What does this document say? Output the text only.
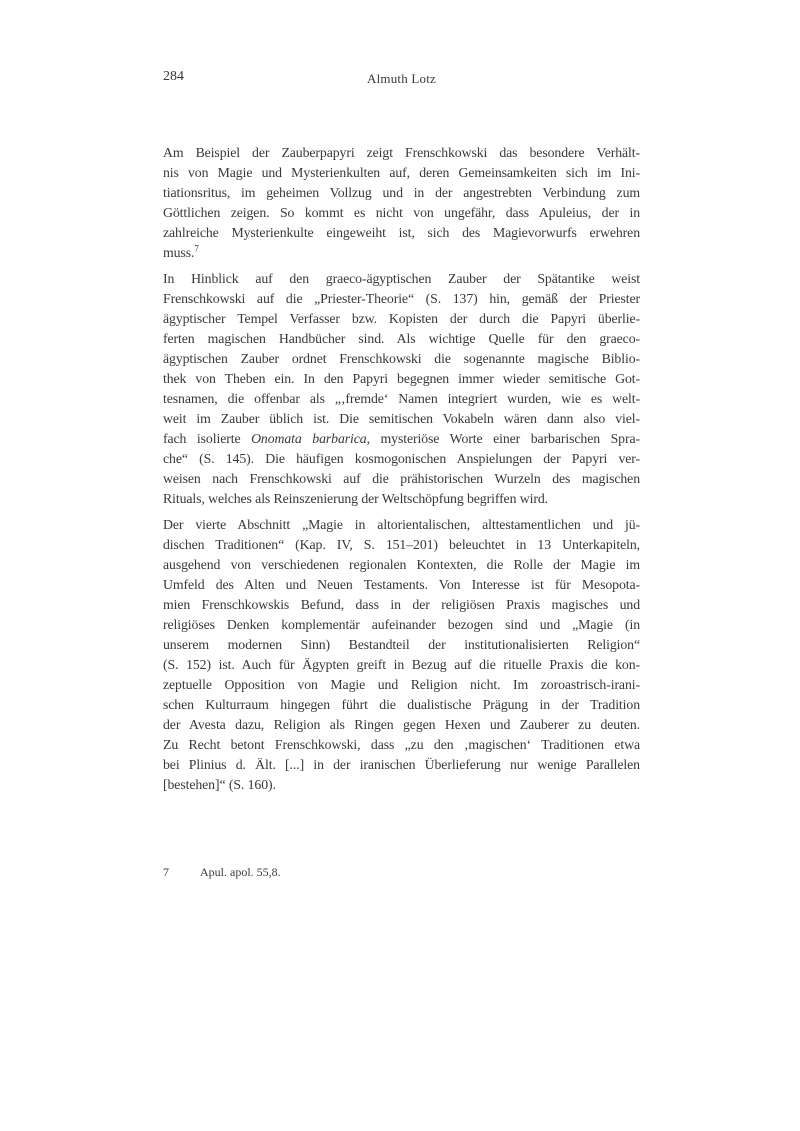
284	Almuth Lotz
Am Beispiel der Zauberpapyri zeigt Frenschkowski das besondere Verhält-
nis von Magie und Mysterienkulten auf, deren Gemeinsamkeiten sich im Ini-
tiationsritus, im geheimen Vollzug und in der angestrebten Verbindung zum
Göttlichen zeigen. So kommt es nicht von ungefähr, dass Apuleius, der in
zahlreiche Mysterienkulte eingeweiht ist, sich des Magievorwurfs erwehren
muss.$^7$
In Hinblick auf den graeco-ägyptischen Zauber der Spätantike weist
Frenschkowski auf die „Priester-Theorie“ (S. 137) hin, gemäß der Priester
ägyptischer Tempel Verfasser bzw. Kopisten der durch die Papyri überlie-
ferten magischen Handbücher sind. Als wichtige Quelle für den graeco-
ägyptischen Zauber ordnet Frenschkowski die sogenannte magische Biblio-
thek von Theben ein. In den Papyri begegnen immer wieder semitische Got-
tesnamen, die offenbar als „‚fremde‘ Namen integriert wurden, wie es welt-
weit im Zauber üblich ist. Die semitischen Vokabeln wären dann also viel-
fach isolierte Onomata barbarica, mysteriöse Worte einer barbarischen Spra-
che“ (S. 145). Die häufigen kosmogonischen Anspielungen der Papyri ver-
weisen nach Frenschkowski auf die prähistorischen Wurzeln des magischen
Rituals, welches als Reinszenierung der Weltschöpfung begriffen wird.
Der vierte Abschnitt „Magie in altorientalischen, alttestamentlichen und jü-
dischen Traditionen“ (Kap. IV, S. 151–201) beleuchtet in 13 Unterkapiteln,
ausgehend von verschiedenen regionalen Kontexten, die Rolle der Magie im
Umfeld des Alten und Neuen Testaments. Von Interesse ist für Mesopota-
mien Frenschkowskis Befund, dass in der religiösen Praxis magisches und
religiöses Denken komplementär aufeinander bezogen sind und „Magie (in
unserem modernen Sinn) Bestandteil der institutionalisierten Religion“
(S. 152) ist. Auch für Ägypten greift in Bezug auf die rituelle Praxis die kon-
zeptuelle Opposition von Magie und Religion nicht. Im zoroastrisch-irani-
schen Kulturraum hingegen führt die dualistische Prägung in der Tradition
der Avesta dazu, Religion als Ringen gegen Hexen und Zauberer zu deuten.
Zu Recht betont Frenschkowski, dass „zu den ‚magischen‘ Traditionen etwa
bei Plinius d. Ält. [...] in der iranischen Überlieferung nur wenige Parallelen
[bestehen]“ (S. 160).
7	Apul. apol. 55,8.
